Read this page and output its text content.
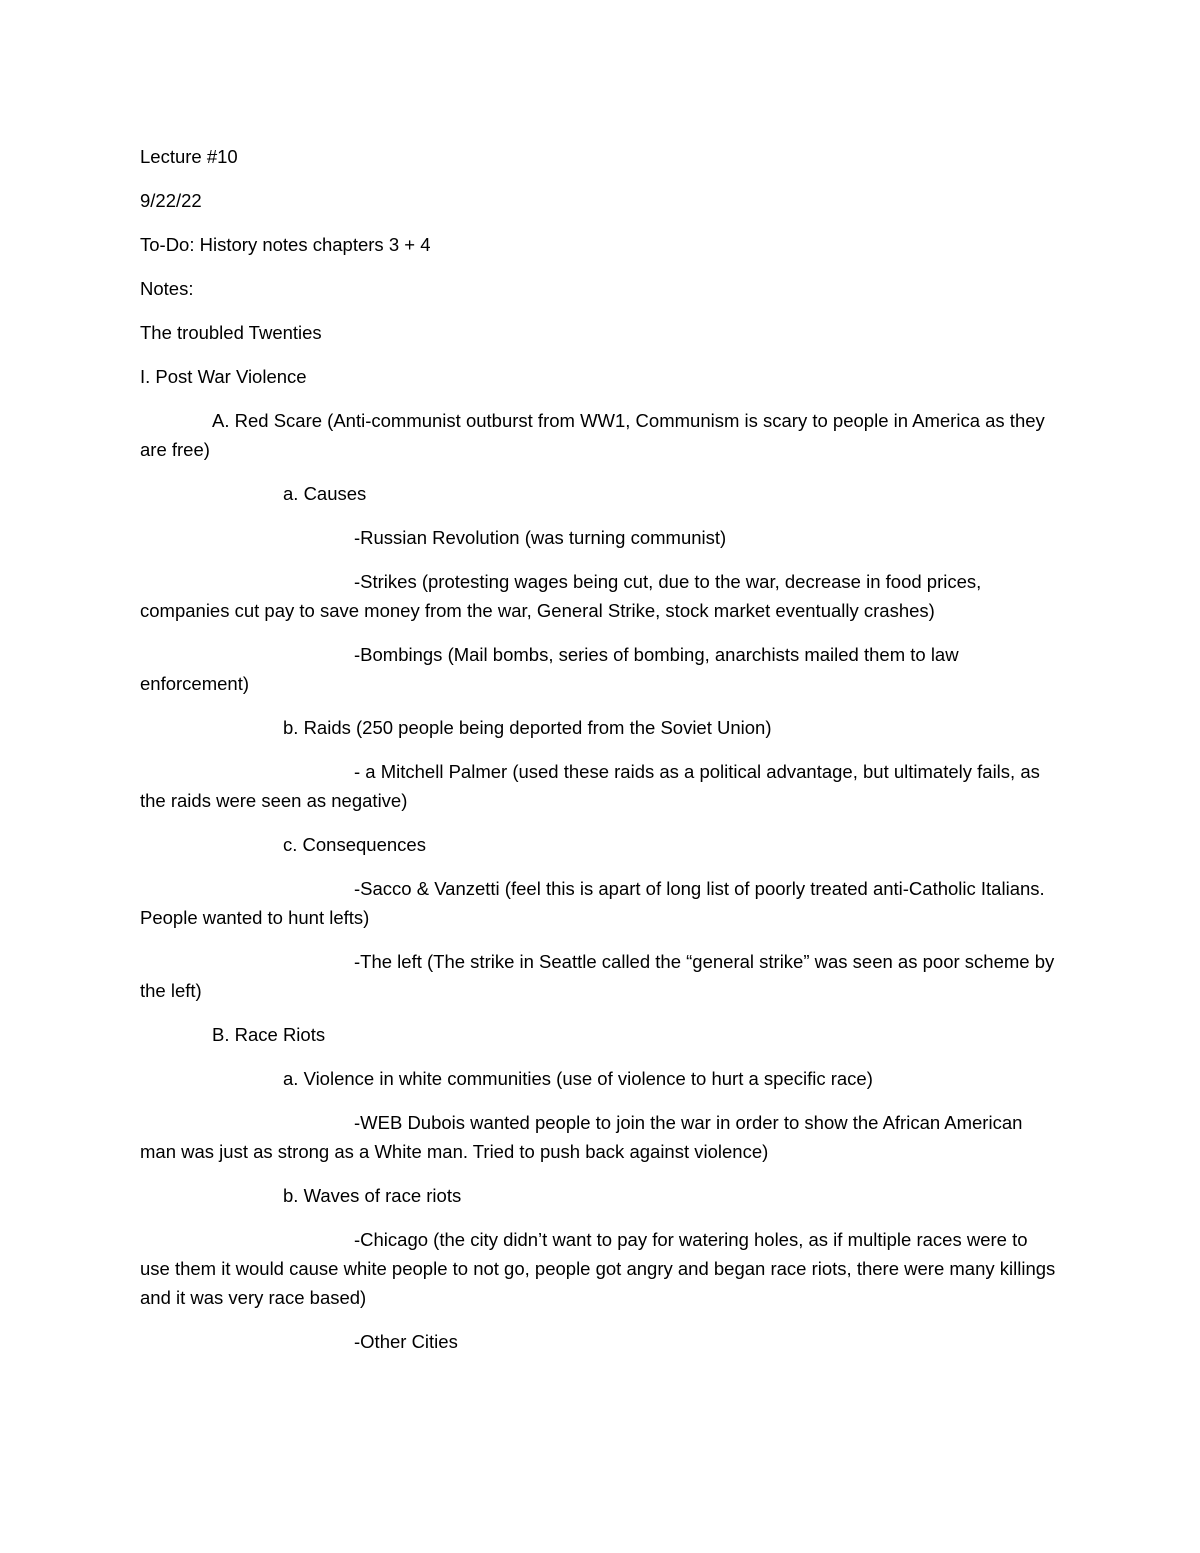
Lecture #10

9/22/22

To-Do: History notes chapters 3 + 4

Notes:

The troubled Twenties

I. Post War Violence

A. Red Scare (Anti-communist outburst from WW1, Communism is scary to people in America as they are free)

a. Causes

-Russian Revolution (was turning communist)

-Strikes (protesting wages being cut, due to the war, decrease in food prices, companies cut pay to save money from the war, General Strike, stock market eventually crashes)

-Bombings (Mail bombs, series of bombing, anarchists mailed them to law enforcement)

b. Raids (250 people being deported from the Soviet Union)

- a Mitchell Palmer (used these raids as a political advantage, but ultimately fails, as the raids were seen as negative)

c. Consequences

-Sacco & Vanzetti (feel this is apart of long list of poorly treated anti-Catholic Italians. People wanted to hunt lefts)

-The left (The strike in Seattle called the “general strike” was seen as poor scheme by the left)

B. Race Riots

a. Violence in white communities (use of violence to hurt a specific race)

-WEB Dubois wanted people to join the war in order to show the African American man was just as strong as a White man. Tried to push back against violence)

b. Waves of race riots

-Chicago (the city didn’t want to pay for watering holes, as if multiple races were to use them it would cause white people to not go, people got angry and began race riots, there were many killings and it was very race based)

-Other Cities
